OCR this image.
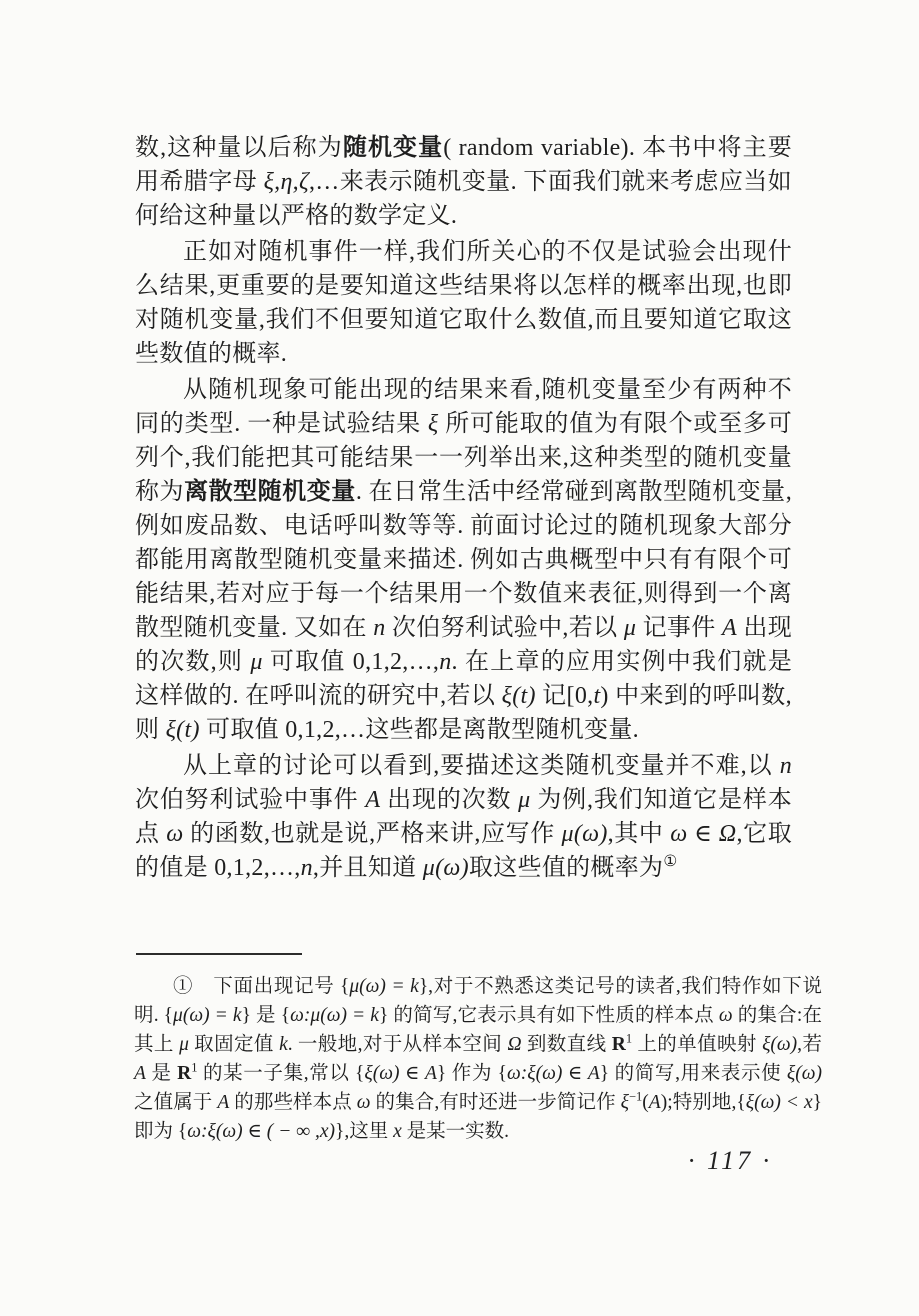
数,这种量以后称为随机变量( random variable). 本书中将主要用希腊字母 ξ,η,ζ,…来表示随机变量. 下面我们就来考虑应当如何给这种量以严格的数学定义.

正如对随机事件一样,我们所关心的不仅是试验会出现什么结果,更重要的是要知道这些结果将以怎样的概率出现,也即对随机变量,我们不但要知道它取什么数值,而且要知道它取这些数值的概率.

从随机现象可能出现的结果来看,随机变量至少有两种不同的类型. 一种是试验结果 ξ 所可能取的值为有限个或至多可列个,我们能把其可能结果一一列举出来,这种类型的随机变量称为离散型随机变量. 在日常生活中经常碰到离散型随机变量,例如废品数、电话呼叫数等等. 前面讨论过的随机现象大部分都能用离散型随机变量来描述. 例如古典概型中只有有限个可能结果,若对应于每一个结果用一个数值来表征,则得到一个离散型随机变量. 又如在 n 次伯努利试验中,若以 μ 记事件 A 出现的次数,则 μ 可取值 0,1,2,…,n. 在上章的应用实例中我们就是这样做的. 在呼叫流的研究中,若以 ξ(t) 记[0,t) 中来到的呼叫数,则 ξ(t) 可取值 0,1,2,…这些都是离散型随机变量.

从上章的讨论可以看到,要描述这类随机变量并不难,以 n 次伯努利试验中事件 A 出现的次数 μ 为例,我们知道它是样本点 ω 的函数,也就是说,严格来讲,应写作 μ(ω),其中 ω ∈ Ω,它取的值是 0,1,2,…,n,并且知道 μ(ω)取这些值的概率为①

①　下面出现记号 {μ(ω) = k},对于不熟悉这类记号的读者,我们特作如下说明. {μ(ω) = k} 是 {ω:μ(ω) = k} 的简写,它表示具有如下性质的样本点 ω 的集合:在其上 μ 取固定值 k. 一般地,对于从样本空间 Ω 到数直线 $R^1$ 上的单值映射 ξ(ω),若 A 是 $R^1$ 的某一子集,常以 {ξ(ω) ∈ A} 作为 {ω:ξ(ω) ∈ A} 的简写,用来表示使 ξ(ω) 之值属于 A 的那些样本点 ω 的集合,有时还进一步简记作 $\xi^{-1}(A)$;特别地,{ξ(ω) < x} 即为 {ω:ξ(ω) ∈ ( − ∞ ,x)},这里 x 是某一实数.

· 117 ·
